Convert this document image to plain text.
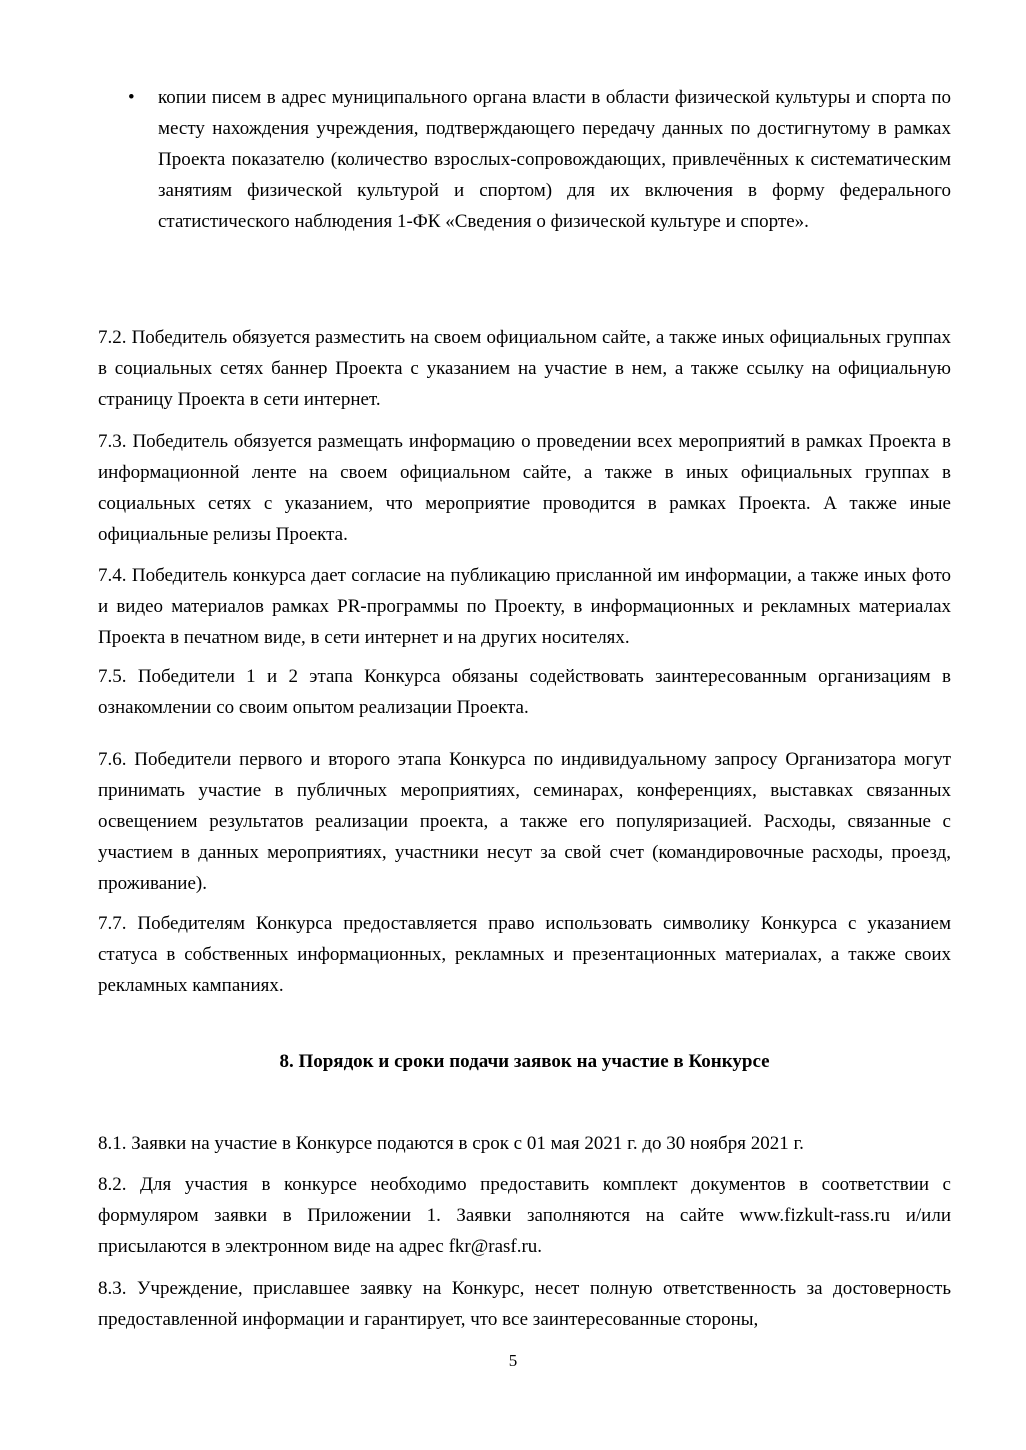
• копии писем в адрес муниципального органа власти в области физической культуры и спорта по месту нахождения учреждения, подтверждающего передачу данных по достигнутому в рамках Проекта показателю (количество взрослых-сопровождающих, привлечённых к систематическим занятиям физической культурой и спортом) для их включения в форму федерального статистического наблюдения 1-ФК «Сведения о физической культуре и спорте».

7.2. Победитель обязуется разместить на своем официальном сайте, а также иных официальных группах в социальных сетях баннер Проекта с указанием на участие в нем, а также ссылку на официальную страницу Проекта в сети интернет.

7.3. Победитель обязуется размещать информацию о проведении всех мероприятий в рамках Проекта в информационной ленте на своем официальном сайте, а также в иных официальных группах в социальных сетях с указанием, что мероприятие проводится в рамках Проекта. А также иные официальные релизы Проекта.

7.4. Победитель конкурса дает согласие на публикацию присланной им информации, а также иных фото и видео материалов рамках PR-программы по Проекту, в информационных и рекламных материалах Проекта в печатном виде, в сети интернет и на других носителях.

7.5. Победители 1 и 2 этапа Конкурса обязаны содействовать заинтересованным организациям в ознакомлении со своим опытом реализации Проекта.

7.6. Победители первого и второго этапа Конкурса по индивидуальному запросу Организатора могут принимать участие в публичных мероприятиях, семинарах, конференциях, выставках связанных освещением результатов реализации проекта, а также его популяризацией. Расходы, связанные с участием в данных мероприятиях, участники несут за свой счет (командировочные расходы, проезд, проживание).

7.7. Победителям Конкурса предоставляется право использовать символику Конкурса с указанием статуса в собственных информационных, рекламных и презентационных материалах, а также своих рекламных кампаниях.

8. Порядок и сроки подачи заявок на участие в Конкурсе

8.1. Заявки на участие в Конкурсе подаются в срок с 01 мая 2021 г. до 30 ноября 2021 г.

8.2. Для участия в конкурсе необходимо предоставить комплект документов в соответствии с формуляром заявки в Приложении 1. Заявки заполняются на сайте www.fizkult-rass.ru и/или присылаются в электронном виде на адрес fkr@rasf.ru.

8.3. Учреждение, приславшее заявку на Конкурс, несет полную ответственность за достоверность предоставленной информации и гарантирует, что все заинтересованные стороны,

5
